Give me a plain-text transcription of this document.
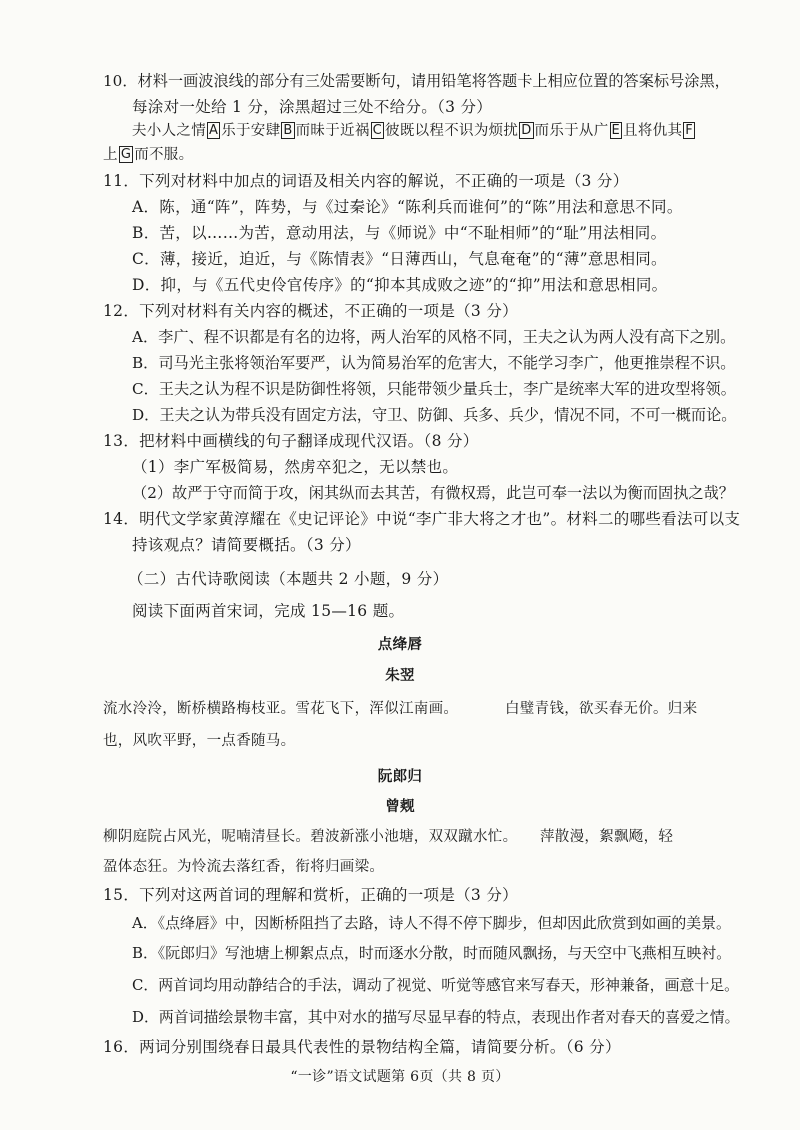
10．材料一画波浪线的部分有三处需要断句，请用铅笔将答题卡上相应位置的答案标号涂黑，
每涂对一处给 1 分，涂黑超过三处不给分。（3 分）
夫小人之情 A 乐于安肆 B 而昧于近祸 C 彼既以程不识为烦扰 D 而乐于从广 E 且将仇其 F
上 G 而不服。
11．下列对材料中加点的词语及相关内容的解说，不正确的一项是（3 分）
A．陈，通“阵”，阵势，与《过秦论》“陈利兵而谁何”的“陈”用法和意思不同。
B．苦，以……为苦，意动用法，与《师说》中“不耻相师”的“耻”用法相同。
C．薄，接近，迫近，与《陈情表》“日薄西山，气息奄奄”的“薄”意思相同。
D．抑，与《五代史伶官传序》的“抑本其成败之迹”的“抑”用法和意思相同。
12．下列对材料有关内容的概述，不正确的一项是（3 分）
A．李广、程不识都是有名的边将，两人治军的风格不同，王夫之认为两人没有高下之别。
B．司马光主张将领治军要严，认为简易治军的危害大，不能学习李广，他更推崇程不识。
C．王夫之认为程不识是防御性将领，只能带领少量兵士，李广是统率大军的进攻型将领。
D．王夫之认为带兵没有固定方法，守卫、防御、兵多、兵少，情况不同，不可一概而论。
13．把材料中画横线的句子翻译成现代汉语。（8 分）
（1）李广军极简易，然虏卒犯之，无以禁也。
（2）故严于守而简于攻，闲其纵而去其苦，有微权焉，此岂可奉一法以为衡而固执之哉？
14．明代文学家黄淳耀在《史记评论》中说“李广非大将之才也”。材料二的哪些看法可以支
持该观点？请简要概括。（3 分）
（二）古代诗歌阅读（本题共 2 小题，9 分）
阅读下面两首宋词，完成 15—16 题。
点绛唇
朱翌
流水泠泠，断桥横路梅枝亚。雪花飞下，浑似江南画。	白璧青钱，欲买春无价。归来
也，风吹平野，一点香随马。
阮郎归
曾觌
柳阴庭院占风光，呢喃清昼长。碧波新涨小池塘，双双蹴水忙。 萍散漫，絮飘飏，轻
盈体态狂。为怜流去落红香，衔将归画梁。
15．下列对这两首词的理解和赏析，正确的一项是（3 分）
A．《点绛唇》中，因断桥阻挡了去路，诗人不得不停下脚步，但却因此欣赏到如画的美景。
B．《阮郎归》写池塘上柳絮点点，时而逐水分散，时而随风飘扬，与天空中飞燕相互映衬。
C．两首词均用动静结合的手法，调动了视觉、听觉等感官来写春天，形神兼备，画意十足。
D．两首词描绘景物丰富，其中对水的描写尽显早春的特点，表现出作者对春天的喜爱之情。
16．两词分别围绕春日最具代表性的景物结构全篇，请简要分析。（6 分）
“一诊”语文试题第 6页（共 8 页）
